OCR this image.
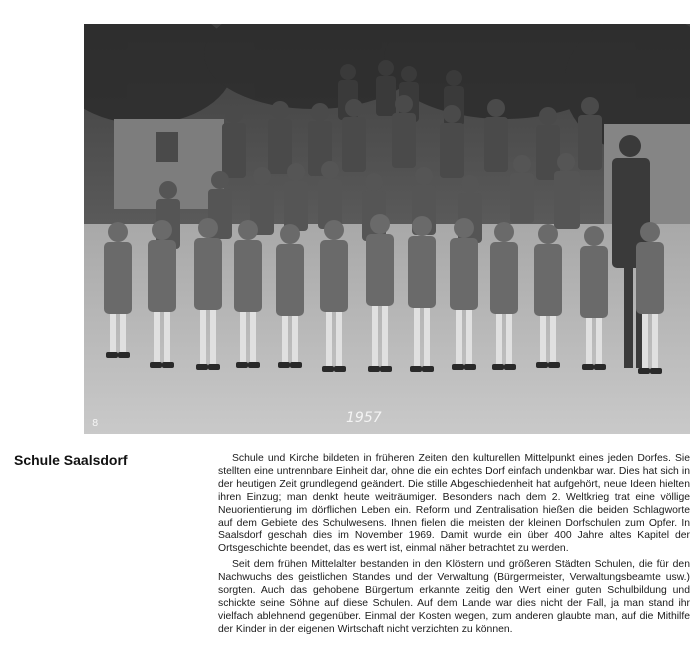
1957
8
Schule Saalsdorf	Schule und Kirche bildeten in früheren Zeiten den kulturellen Mittelpunkt eines jeden Dorfes. Sie stellten eine untrennbare Einheit dar, ohne die ein echtes Dorf einfach undenkbar war. Dies hat sich in der heutigen Zeit grundlegend geändert. Die stille Abgeschiedenheit hat aufgehört, neue Ideen hielten ihren Einzug; man denkt heute weiträumiger. Besonders nach dem 2. Weltkrieg trat eine völlige Neuorientierung im dörflichen Leben ein. Reform und Zentralisation hießen die beiden Schlagworte auf dem Gebiete des Schulwesens. Ihnen fielen die meisten der kleinen Dorfschulen zum Opfer. In Saalsdorf geschah dies im November 1969. Damit wurde ein über 400 Jahre altes Kapitel der Ortsgeschichte beendet, das es wert ist, einmal näher betrachtet zu werden.

Seit dem frühen Mittelalter bestanden in den Klöstern und größeren Städten Schulen, die für den Nachwuchs des geistlichen Standes und der Verwaltung (Bürgermeister, Verwaltungsbeamte usw.) sorgten. Auch das gehobene Bürgertum erkannte zeitig den Wert einer guten Schulbildung und schickte seine Söhne auf diese Schulen. Auf dem Lande war dies nicht der Fall, ja man stand ihr vielfach ablehnend gegenüber. Einmal der Kosten wegen, zum anderen glaubte man, auf die Mithilfe der Kinder in der eigenen Wirtschaft nicht verzichten zu können.
